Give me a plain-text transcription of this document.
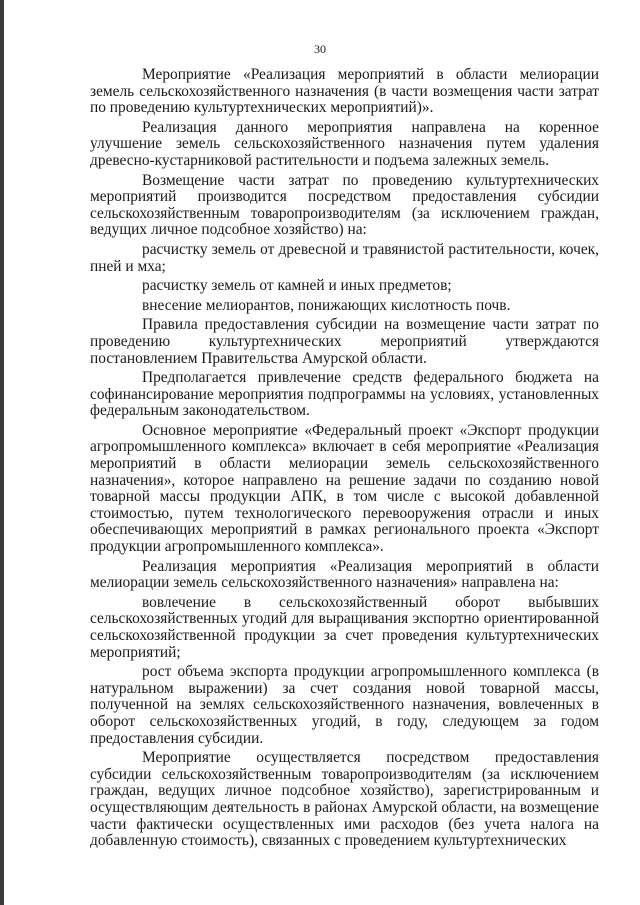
30

Мероприятие «Реализация мероприятий в области мелиорации земель сельскохозяйственного назначения (в части возмещения части затрат по проведению культуртехнических мероприятий)».

Реализация данного мероприятия направлена на коренное улучшение земель сельскохозяйственного назначения путем удаления древесно-кустарниковой растительности и подъема залежных земель.

Возмещение части затрат по проведению культуртехнических мероприятий производится посредством предоставления субсидии сельскохозяйственным товаропроизводителям (за исключением граждан, ведущих личное подсобное хозяйство) на:

расчистку земель от древесной и травянистой растительности, кочек, пней и мха;

расчистку земель от камней и иных предметов;

внесение мелиорантов, понижающих кислотность почв.

Правила предоставления субсидии на возмещение части затрат по проведению культуртехнических мероприятий утверждаются постановлением Правительства Амурской области.

Предполагается привлечение средств федерального бюджета на софинансирование мероприятия подпрограммы на условиях, установленных федеральным законодательством.

Основное мероприятие «Федеральный проект «Экспорт продукции агропромышленного комплекса» включает в себя мероприятие «Реализация мероприятий в области мелиорации земель сельскохозяйственного назначения», которое направлено на решение задачи по созданию новой товарной массы продукции АПК, в том числе с высокой добавленной стоимостью, путем технологического перевооружения отрасли и иных обеспечивающих мероприятий в рамках регионального проекта «Экспорт продукции агропромышленного комплекса».

Реализация мероприятия «Реализация мероприятий в области мелиорации земель сельскохозяйственного назначения» направлена на:

вовлечение в сельскохозяйственный оборот выбывших сельскохозяйственных угодий для выращивания экспортно ориентированной сельскохозяйственной продукции за счет проведения культуртехнических мероприятий;

рост объема экспорта продукции агропромышленного комплекса (в натуральном выражении) за счет создания новой товарной массы, полученной на землях сельскохозяйственного назначения, вовлеченных в оборот сельскохозяйственных угодий, в году, следующем за годом предоставления субсидии.

Мероприятие осуществляется посредством предоставления субсидии сельскохозяйственным товаропроизводителям (за исключением граждан, ведущих личное подсобное хозяйство), зарегистрированным и осуществляющим деятельность в районах Амурской области, на возмещение части фактически осуществленных ими расходов (без учета налога на добавленную стоимость), связанных с проведением культуртехнических
